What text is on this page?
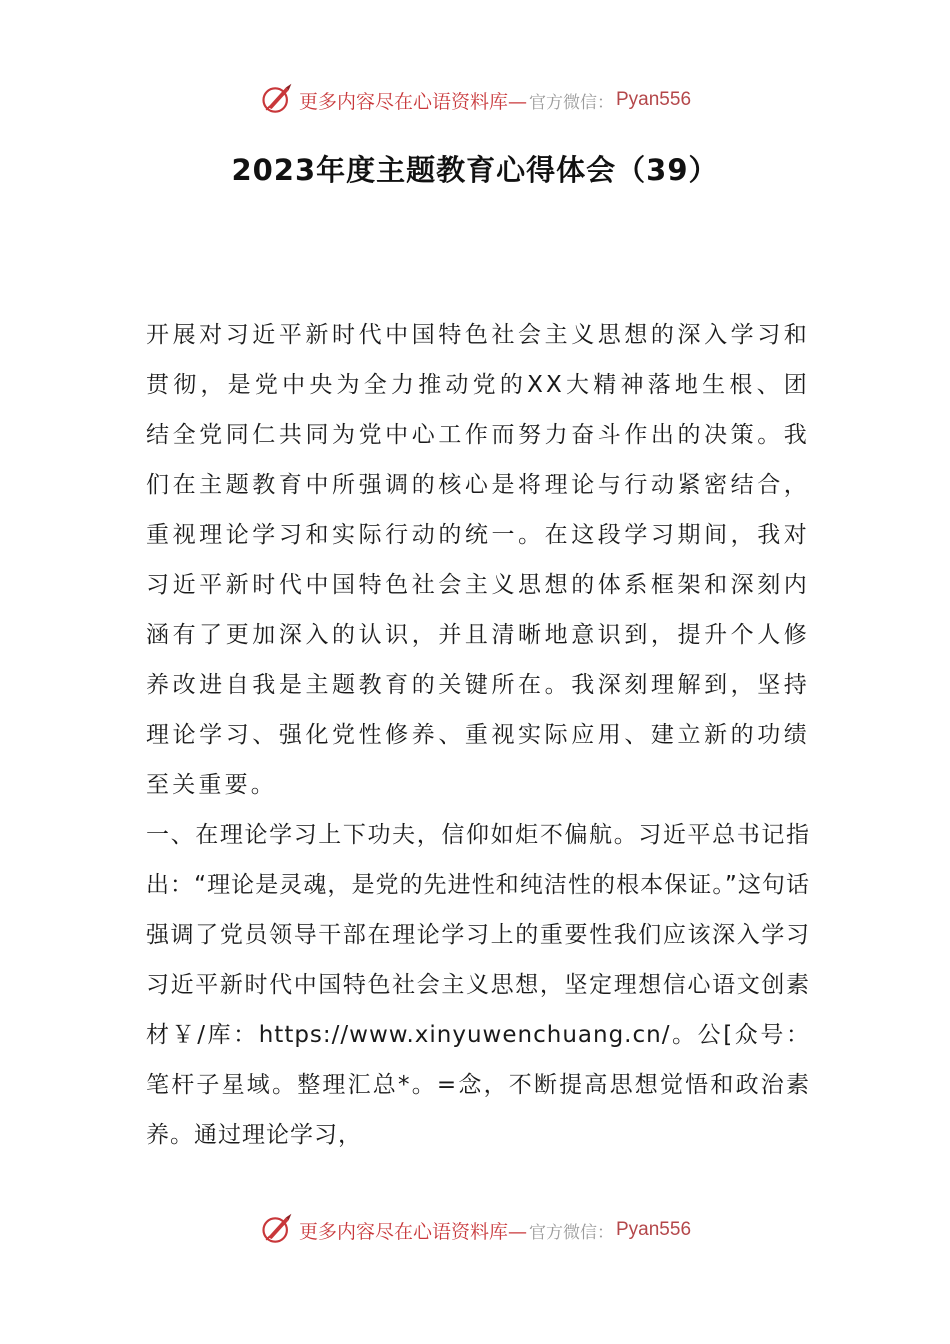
更多内容尽在心语资料库— 官方微信： Pyan556
2023年度主题教育心得体会（39）

开展对习近平新时代中国特色社会主义思想的深入学习和贯彻，是党中央为全力推动党的XX大精神落地生根、团结全党同仁共同为党中心工作而努力奋斗作出的决策。我们在主题教育中所强调的核心是将理论与行动紧密结合，重视理论学习和实际行动的统一。在这段学习期间，我对习近平新时代中国特色社会主义思想的体系框架和深刻内涵有了更加深入的认识，并且清晰地意识到，提升个人修养改进自我是主题教育的关键所在。我深刻理解到，坚持理论学习、强化党性修养、重视实际应用、建立新的功绩至关重要。

一、在理论学习上下功夫，信仰如炬不偏航。习近平总书记指出：“理论是灵魂，是党的先进性和纯洁性的根本保证。”这句话强调了党员领导干部在理论学习上的重要性我们应该深入学习习近平新时代中国特色社会主义思想，坚定理想信心语文创素材￥/库：https://www.xinyuwenchuang.cn/。公[众号：笔杆子星域。整理汇总*。=念，不断提高思想觉悟和政治素养。通过理论学习，

更多内容尽在心语资料库— 官方微信： Pyan556
